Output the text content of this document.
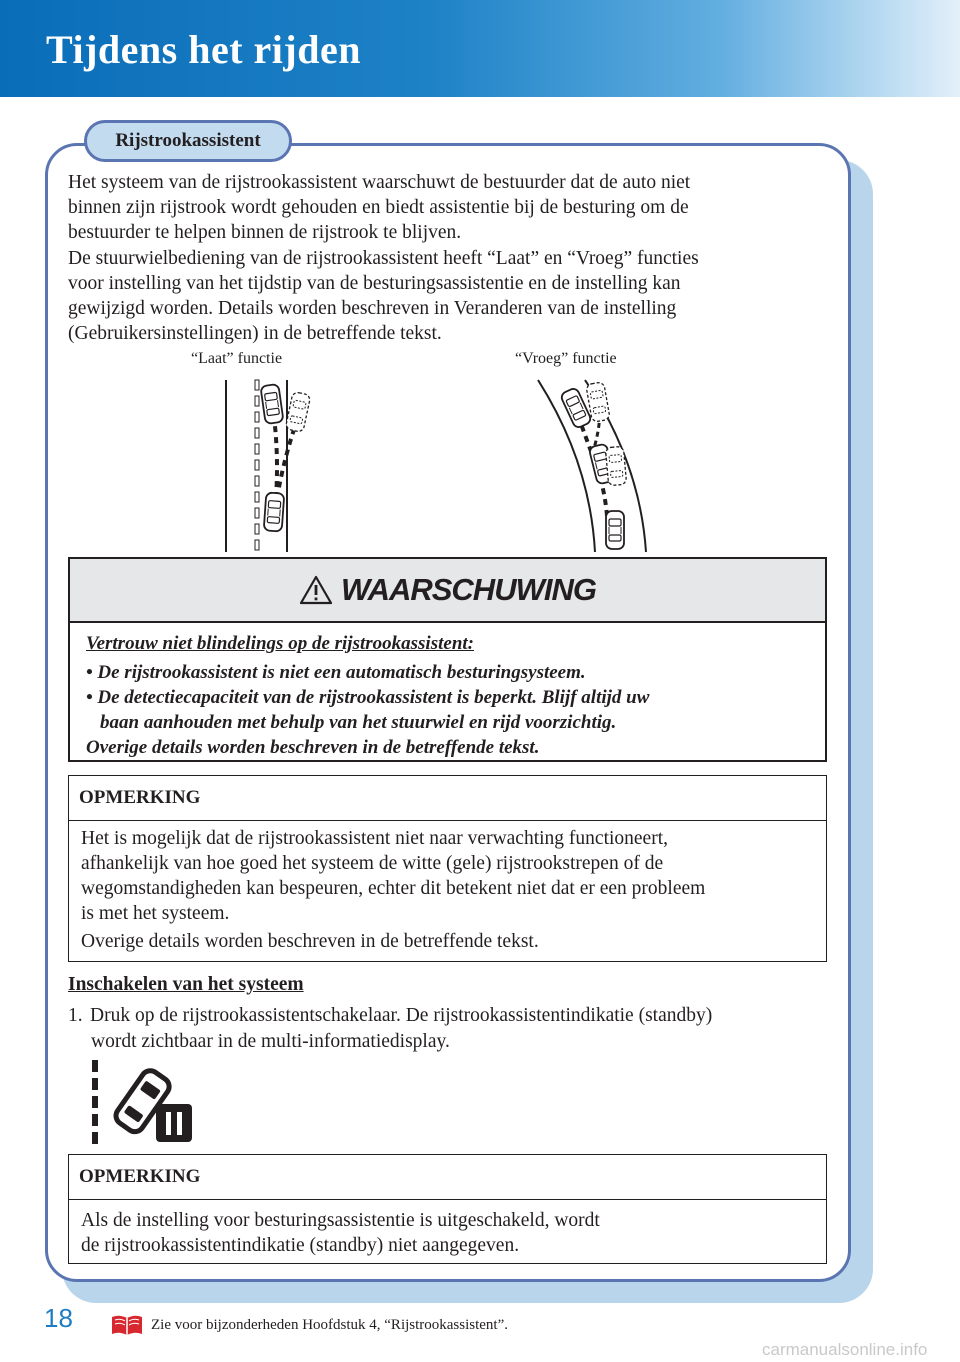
Tijdens het rijden
Rijstrookassistent

Het systeem van de rijstrookassistent waarschuwt de bestuurder dat de auto niet

binnen zijn rijstrook wordt gehouden en biedt assistentie bij de besturing om de

bestuurder te helpen binnen de rijstrook te blijven.

De stuurwielbediening van de rijstrookassistent heeft “Laat” en “Vroeg” functies

voor instelling van het tijdstip van de besturingsassistentie en de instelling kan

gewijzigd worden. Details worden beschreven in Veranderen van de instelling

(Gebruikersinstellingen) in de betreffende tekst.

“Laat” functie	“Vroeg” functie
WAARSCHUWING
Vertrouw niet blindelings op de rijstrookassistent:
• De rijstrookassistent is niet een automatisch besturingsysteem.
• De detectiecapaciteit van de rijstrookassistent is beperkt. Blijf altijd uw
baan aanhouden met behulp van het stuurwiel en rijd voorzichtig.
Overige details worden beschreven in de betreffende tekst.
OPMERKING

Het is mogelijk dat de rijstrookassistent niet naar verwachting functioneert,

afhankelijk van hoe goed het systeem de witte (gele) rijstrookstrepen of de

wegomstandigheden kan bespeuren, echter dit betekent niet dat er een probleem

is met het systeem.

Overige details worden beschreven in de betreffende tekst.

Inschakelen van het systeem
1. Druk op de rijstrookassistentschakelaar. De rijstrookassistentindikatie (standby)
wordt zichtbaar in de multi-informatiedisplay.
OPMERKING

Als de instelling voor besturingsassistentie is uitgeschakeld, wordt

de rijstrookassistentindikatie (standby) niet aangegeven.

18	Zie voor bijzonderheden Hoofdstuk 4, “Rijstrookassistent”.
carmanualsonline.info
